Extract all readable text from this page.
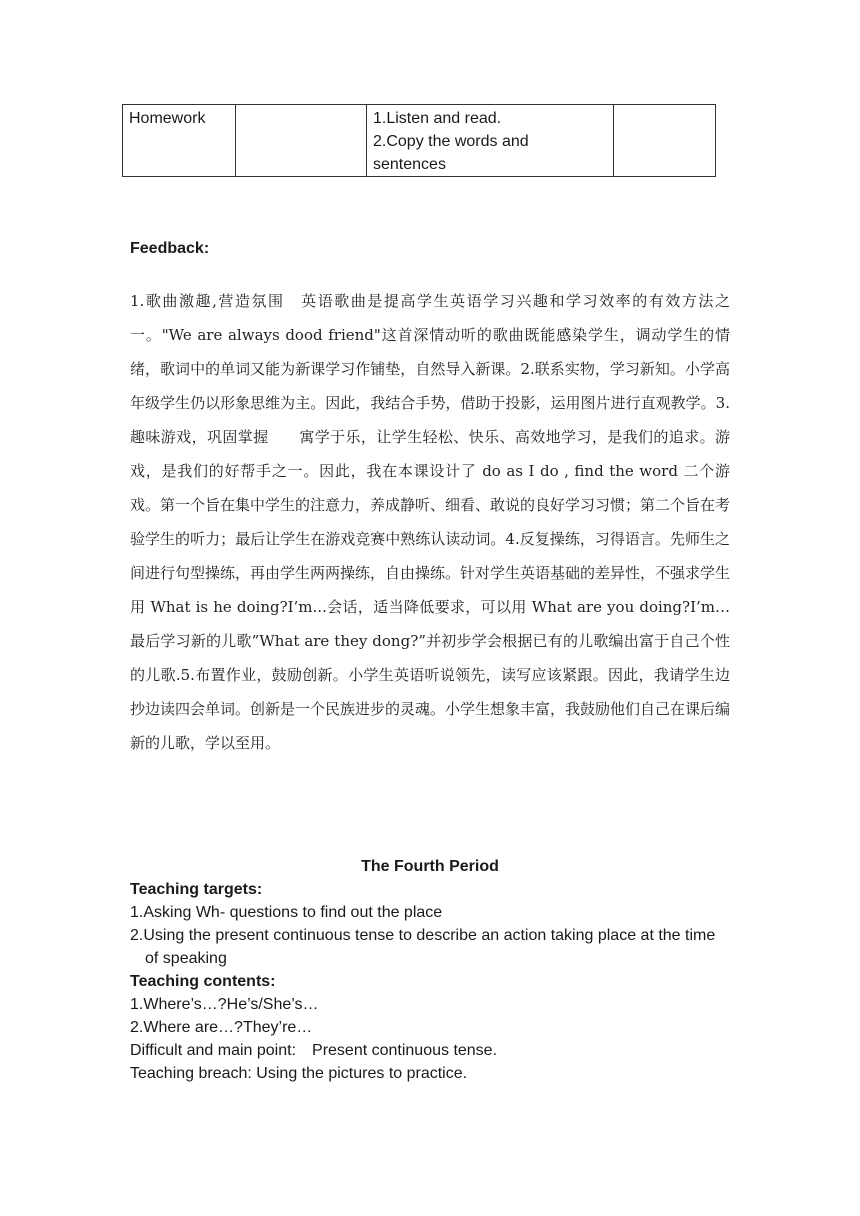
Homework		1.Listen and read.
2.Copy the words and
sentences

Feedback:
1.歌曲激趣,营造氛围　英语歌曲是提高学生英语学习兴趣和学习效率的有效方法之一。"We are always dood friend"这首深情动听的歌曲既能感染学生，调动学生的情绪，歌词中的单词又能为新课学习作铺垫，自然导入新课。2.联系实物，学习新知。小学高年级学生仍以形象思维为主。因此，我结合手势，借助于投影，运用图片进行直观教学。3.趣味游戏，巩固掌握　　寓学于乐，让学生轻松、快乐、高效地学习，是我们的追求。游戏，是我们的好帮手之一。因此，我在本课设计了 do as I do , find the word 二个游戏。第一个旨在集中学生的注意力，养成静听、细看、敢说的良好学习习惯；第二个旨在考验学生的听力；最后让学生在游戏竞赛中熟练认读动词。4.反复操练，习得语言。先师生之间进行句型操练，再由学生两两操练，自由操练。针对学生英语基础的差异性，不强求学生用 What is he doing?I’m...会话，适当降低要求，可以用 What are you doing?I’m…　　最后学习新的儿歌”What are they dong?”并初步学会根据已有的儿歌编出富于自己个性的儿歌.5.布置作业，鼓励创新。小学生英语听说领先，读写应该紧跟。因此，我请学生边抄边读四会单词。创新是一个民族进步的灵魂。小学生想象丰富，我鼓励他们自己在课后编新的儿歌，学以至用。
The Fourth Period
Teaching targets:
1.Asking Wh- questions to find out the place
2.Using the present continuous tense to describe an action taking place at the time of speaking
Teaching contents:
1.Where’s…?He’s/She’s…
2.Where are…?They’re…
Difficult and main point:　Present continuous tense.
Teaching breach: Using the pictures to practice.
